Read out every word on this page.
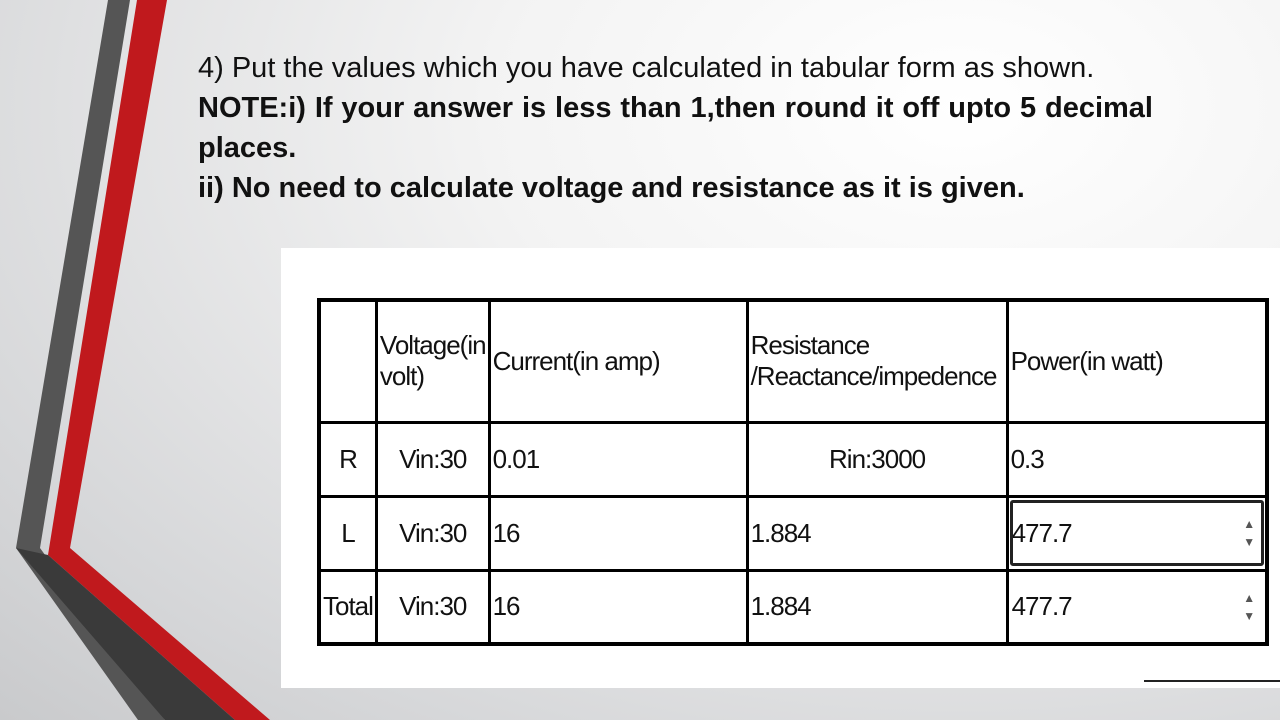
4) Put the values which you have calculated in tabular form as shown.

NOTE:i) If your answer is less than 1,then round it off upto 5 decimal places.

ii) No need to calculate voltage and resistance as it is given.

	Voltage(in volt)	Current(in amp)	Resistance /Reactance/impedence	Power(in watt)
R	Vin:30	0.01	Rin:3000	0.3
L	Vin:30	16	1.884	477.7 ▲
▼

Total	Vin:30	16	1.884	477.7 ▲
▼
